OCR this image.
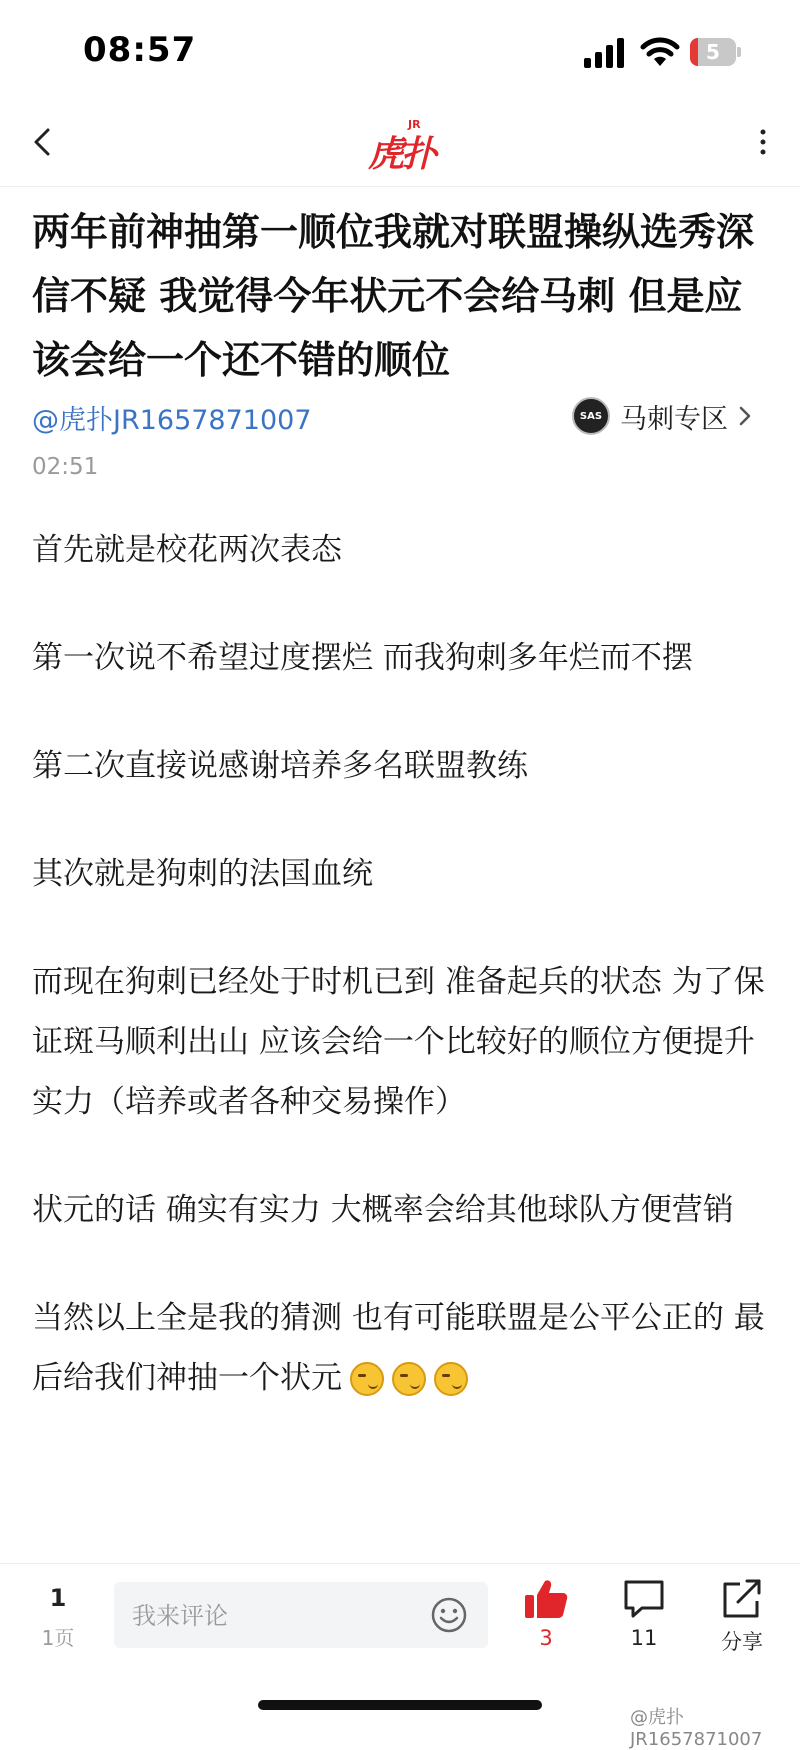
08:57	5
虎扑
JR
两年前神抽第一顺位我就对联盟操纵选秀深信不疑 我觉得今年状元不会给马刺 但是应该会给一个还不错的顺位
@虎扑JR1657871007	SAS 马刺专区
02:51

首先就是校花两次表态

第一次说不希望过度摆烂 而我狗刺多年烂而不摆

第二次直接说感谢培养多名联盟教练

其次就是狗刺的法国血统

而现在狗刺已经处于时机已到 准备起兵的状态 为了保证斑马顺利出山 应该会给一个比较好的顺位方便提升实力（培养或者各种交易操作）

状元的话 确实有实力 大概率会给其他球队方便营销

当然以上全是我的猜测 也有可能联盟是公平公正的 最后给我们神抽一个状元

1
1页
我来评论	3	11	分享
@虎扑JR1657871007
